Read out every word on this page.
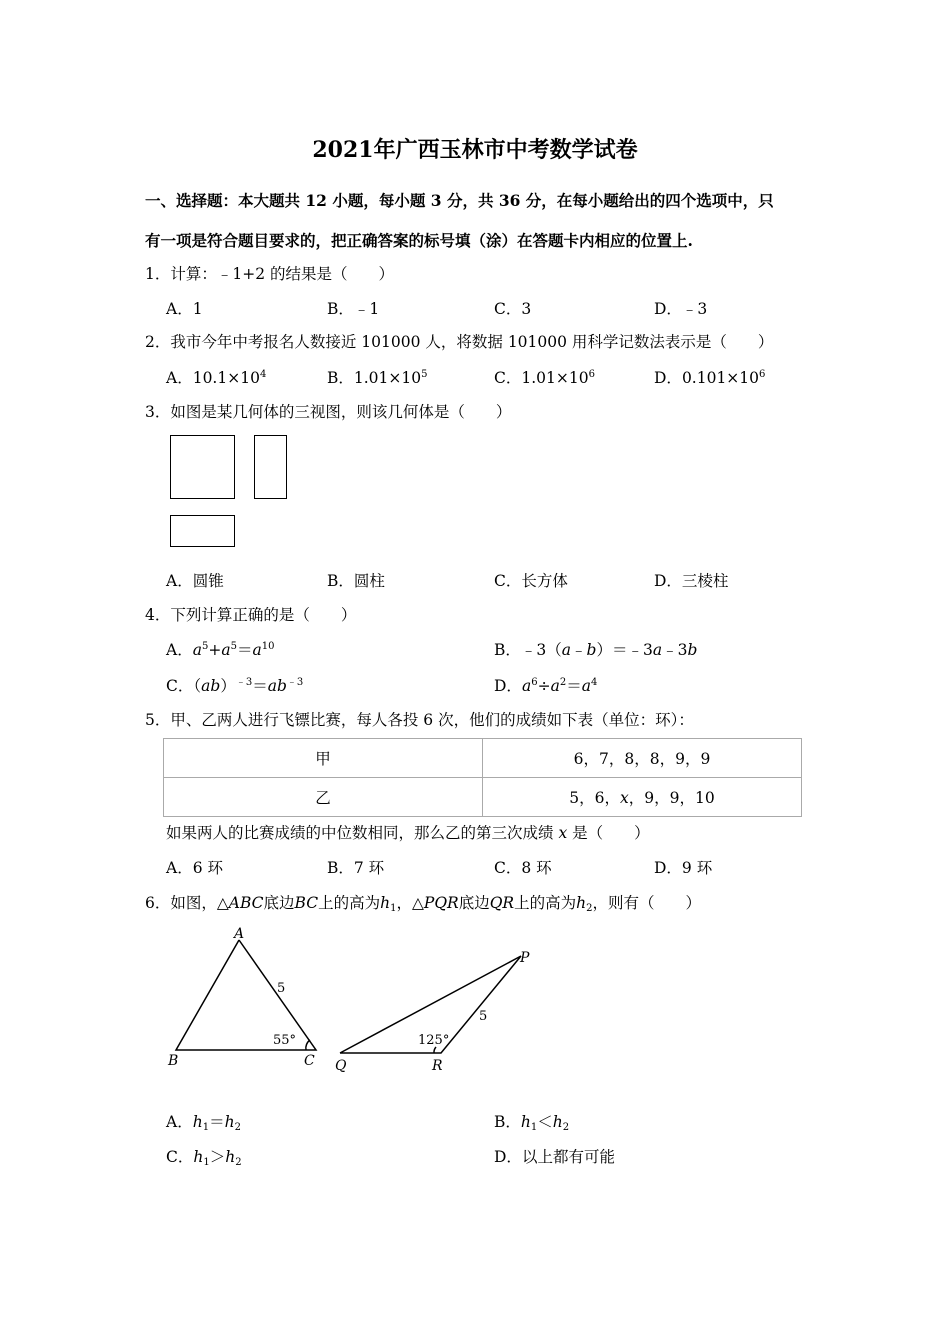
2021年广西玉林市中考数学试卷
一、选择题：本大题共 12 小题，每小题 3 分，共 36 分，在每小题给出的四个选项中，只
有一项是符合题目要求的，把正确答案的标号填（涂）在答题卡内相应的位置上.
1．计算：﹣1+2 的结果是（　　）
A．1	B．﹣1	C．3	D．﹣3
2．我市今年中考报名人数接近 101000 人，将数据 101000 用科学记数法表示是（　　）
A．$10.1\times 10^4$	B．$1.01\times 10^5$	C．$1.01\times 10^6$	D．$0.101\times 10^6$
3．如图是某几何体的三视图，则该几何体是（　　）
A．圆锥	B．圆柱	C．长方体	D．三棱柱
4．下列计算正确的是（　　）
A．$a^5+a^5=a^{10}$	B．﹣3（a﹣b）＝﹣3a﹣3b
C．$(ab)^{﹣3}=ab^{﹣3}$	D．$a^6\div a^2=a^4$
5．甲、乙两人进行飞镖比赛，每人各投 6 次，他们的成绩如下表（单位：环）：
甲	6，7，8，8，9，9
乙	5，6，x，9，9，10
如果两人的比赛成绩的中位数相同，那么乙的第三次成绩 x 是（　　）
A．6 环	B．7 环	C．8 环	D．9 环
6．如图，△ABC底边BC上的高为$h_1$，△PQR底边QR上的高为$h_2$，则有（　　）
A
B	C
P
Q	R
5
5
55°	125°
A．$h_1=h_2$	B．$h_1<h_2$
C．$h_1>h_2$	D．以上都有可能
